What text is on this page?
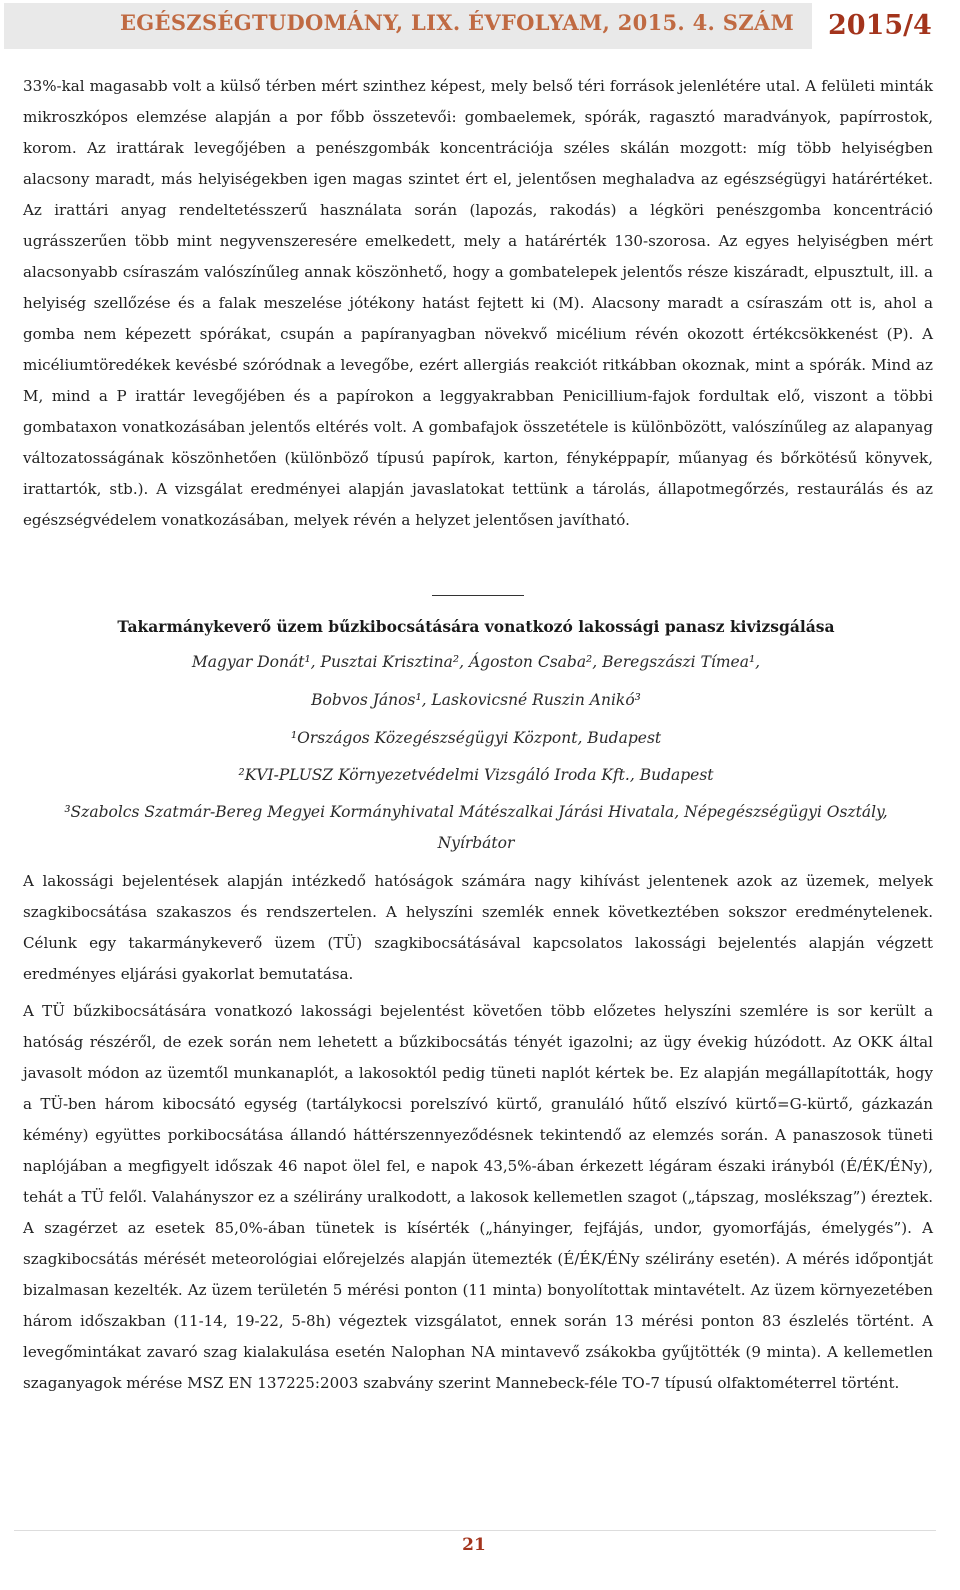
EGÉSZSÉGTUDOMÁNY, LIX. ÉVFOLYAM, 2015. 4. SZÁM 2015/4

33%-kal magasabb volt a külső térben mért szinthez képest, mely belső téri források jelenlétére utal. A felületi minták mikroszkópos elemzése alapján a por főbb összetevői: gombaelemek, spórák, ragasztó maradványok, papírrostok, korom. Az irattárak levegőjében a penészgombák koncentrációja széles skálán mozgott: míg több helyiségben alacsony maradt, más helyiségekben igen magas szintet ért el, jelentősen meghaladva az egészségügyi határértéket. Az irattári anyag rendeltetésszerű használata során (lapozás, rakodás) a légköri penészgomba koncentráció ugrásszerűen több mint negyvenszeresére emelkedett, mely a határérték 130-szorosa. Az egyes helyiségben mért alacsonyabb csíraszám valószínűleg annak köszönhető, hogy a gombatelepek jelentős része kiszáradt, elpusztult, ill. a helyiség szellőzése és a falak meszelése jótékony hatást fejtett ki (M). Alacsony maradt a csíraszám ott is, ahol a gomba nem képezett spórákat, csupán a papíranyagban növekvő micélium révén okozott értékcsökkenést (P). A micéliumtöredékek kevésbé szóródnak a levegőbe, ezért allergiás reakciót ritkábban okoznak, mint a spórák. Mind az M, mind a P irattár levegőjében és a papírokon a leggyakrabban Penicillium-fajok fordultak elő, viszont a többi gombataxon vonatkozásában jelentős eltérés volt. A gombafajok összetétele is különbözött, valószínűleg az alapanyag változatosságának köszönhetően (különböző típusú papírok, karton, fényképpapír, műanyag és bőrkötésű könyvek, irattartók, stb.). A vizsgálat eredményei alapján javaslatokat tettünk a tárolás, állapotmegőrzés, restaurálás és az egészségvédelem vonatkozásában, melyek révén a helyzet jelentősen javítható.

Takarmánykeverő üzem bűzkibocsátására vonatkozó lakossági panasz kivizsgálása
Magyar Donát¹, Pusztai Krisztina², Ágoston Csaba², Beregszászi Tímea¹,
Bobvos János¹, Laskovicsné Ruszin Anikó³
¹Országos Közegészségügyi Központ, Budapest
²KVI-PLUSZ Környezetvédelmi Vizsgáló Iroda Kft., Budapest
³Szabolcs Szatmár-Bereg Megyei Kormányhivatal Mátészalkai Járási Hivatala, Népegészségügyi Osztály,
Nyírbátor

A lakossági bejelentések alapján intézkedő hatóságok számára nagy kihívást jelentenek azok az üzemek, melyek szagkibocsátása szakaszos és rendszertelen. A helyszíni szemlék ennek következtében sokszor eredménytelenek. Célunk egy takarmánykeverő üzem (TÜ) szagkibocsátásával kapcsolatos lakossági bejelentés alapján végzett eredményes eljárási gyakorlat bemutatása.

A TÜ bűzkibocsátására vonatkozó lakossági bejelentést követően több előzetes helyszíni szemlére is sor került a hatóság részéről, de ezek során nem lehetett a bűzkibocsátás tényét igazolni; az ügy évekig húzódott. Az OKK által javasolt módon az üzemtől munkanaplót, a lakosoktól pedig tüneti naplót kértek be. Ez alapján megállapították, hogy a TÜ-ben három kibocsátó egység (tartálykocsi porelszívó kürtő, granuláló hűtő elszívó kürtő=G-kürtő, gázkazán kémény) együttes porkibocsátása állandó háttérszennyeződésnek tekintendő az elemzés során. A panaszosok tüneti naplójában a megfigyelt időszak 46 napot ölel fel, e napok 43,5%-ában érkezett légáram északi irányból (É/ÉK/ÉNy), tehát a TÜ felől. Valahányszor ez a szélirány uralkodott, a lakosok kellemetlen szagot („tápszag, moslékszag”) éreztek. A szagérzet az esetek 85,0%-ában tünetek is kísérték („hányinger, fejfájás, undor, gyomorfájás, émelygés”). A szagkibocsátás mérését meteorológiai előrejelzés alapján ütemezték (É/ÉK/ÉNy szélirány esetén). A mérés időpontját bizalmasan kezelték. Az üzem területén 5 mérési ponton (11 minta) bonyolítottak mintavételt. Az üzem környezetében három időszakban (11-14, 19-22, 5-8h) végeztek vizsgálatot, ennek során 13 mérési ponton 83 észlelés történt. A levegőmintákat zavaró szag kialakulása esetén Nalophan NA mintavevő zsákokba gyűjtötték (9 minta). A kellemetlen szaganyagok mérése MSZ EN 137225:2003 szabvány szerint Mannebeck-féle TO-7 típusú olfaktométerrel történt.

21
